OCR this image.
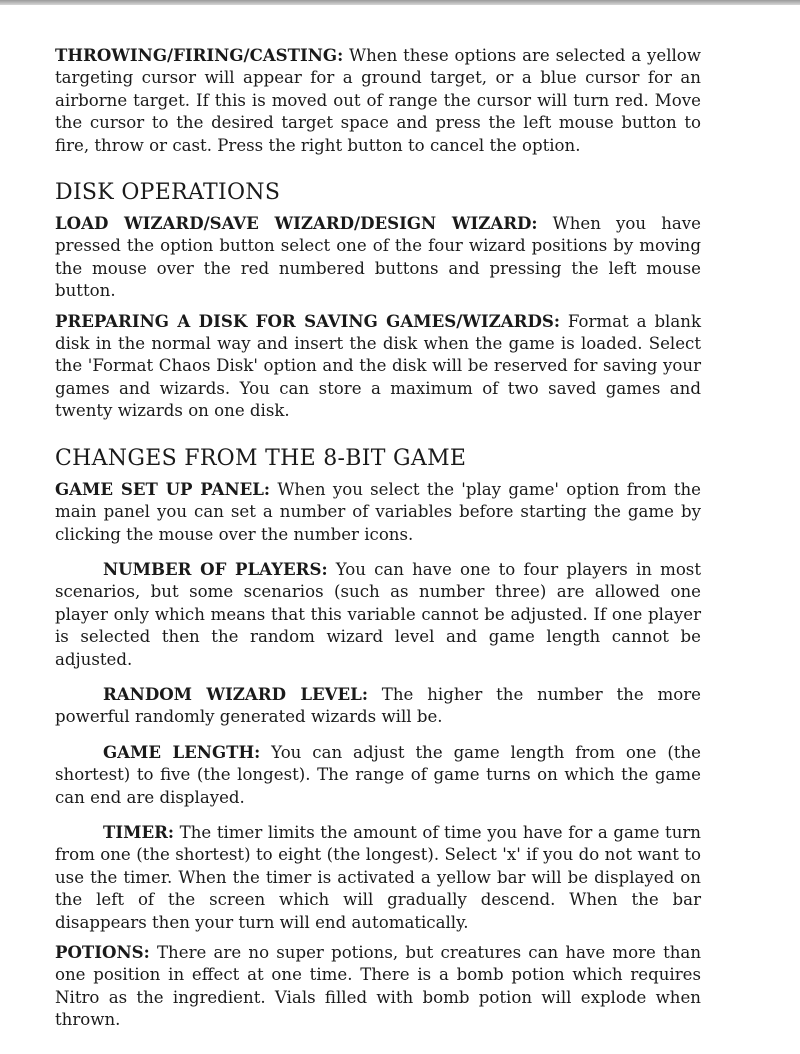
THROWING/FIRING/CASTING: When these options are selected a yellow targeting cursor will appear for a ground target, or a blue cursor for an airborne target. If this is moved out of range the cursor will turn red. Move the cursor to the desired target space and press the left mouse button to fire, throw or cast. Press the right button to cancel the option.

DISK OPERATIONS

LOAD WIZARD/SAVE WIZARD/DESIGN WIZARD: When you have pressed the option button select one of the four wizard positions by moving the mouse over the red numbered buttons and pressing the left mouse button.

PREPARING A DISK FOR SAVING GAMES/WIZARDS: Format a blank disk in the normal way and insert the disk when the game is loaded. Select the 'Format Chaos Disk' option and the disk will be reserved for saving your games and wizards. You can store a maximum of two saved games and twenty wizards on one disk.

CHANGES FROM THE 8-BIT GAME

GAME SET UP PANEL: When you select the 'play game' option from the main panel you can set a number of variables before starting the game by clicking the mouse over the number icons.

NUMBER OF PLAYERS: You can have one to four players in most scenarios, but some scenarios (such as number three) are allowed one player only which means that this variable cannot be adjusted. If one player is selected then the random wizard level and game length cannot be adjusted.

RANDOM WIZARD LEVEL: The higher the number the more powerful randomly generated wizards will be.

GAME LENGTH: You can adjust the game length from one (the shortest) to five (the longest). The range of game turns on which the game can end are displayed.

TIMER: The timer limits the amount of time you have for a game turn from one (the shortest) to eight (the longest). Select 'x' if you do not want to use the timer. When the timer is activated a yellow bar will be displayed on the left of the screen which will gradually descend. When the bar disappears then your turn will end automatically.

POTIONS: There are no super potions, but creatures can have more than one position in effect at one time. There is a bomb potion which requires Nitro as the ingredient. Vials filled with bomb potion will explode when thrown.
